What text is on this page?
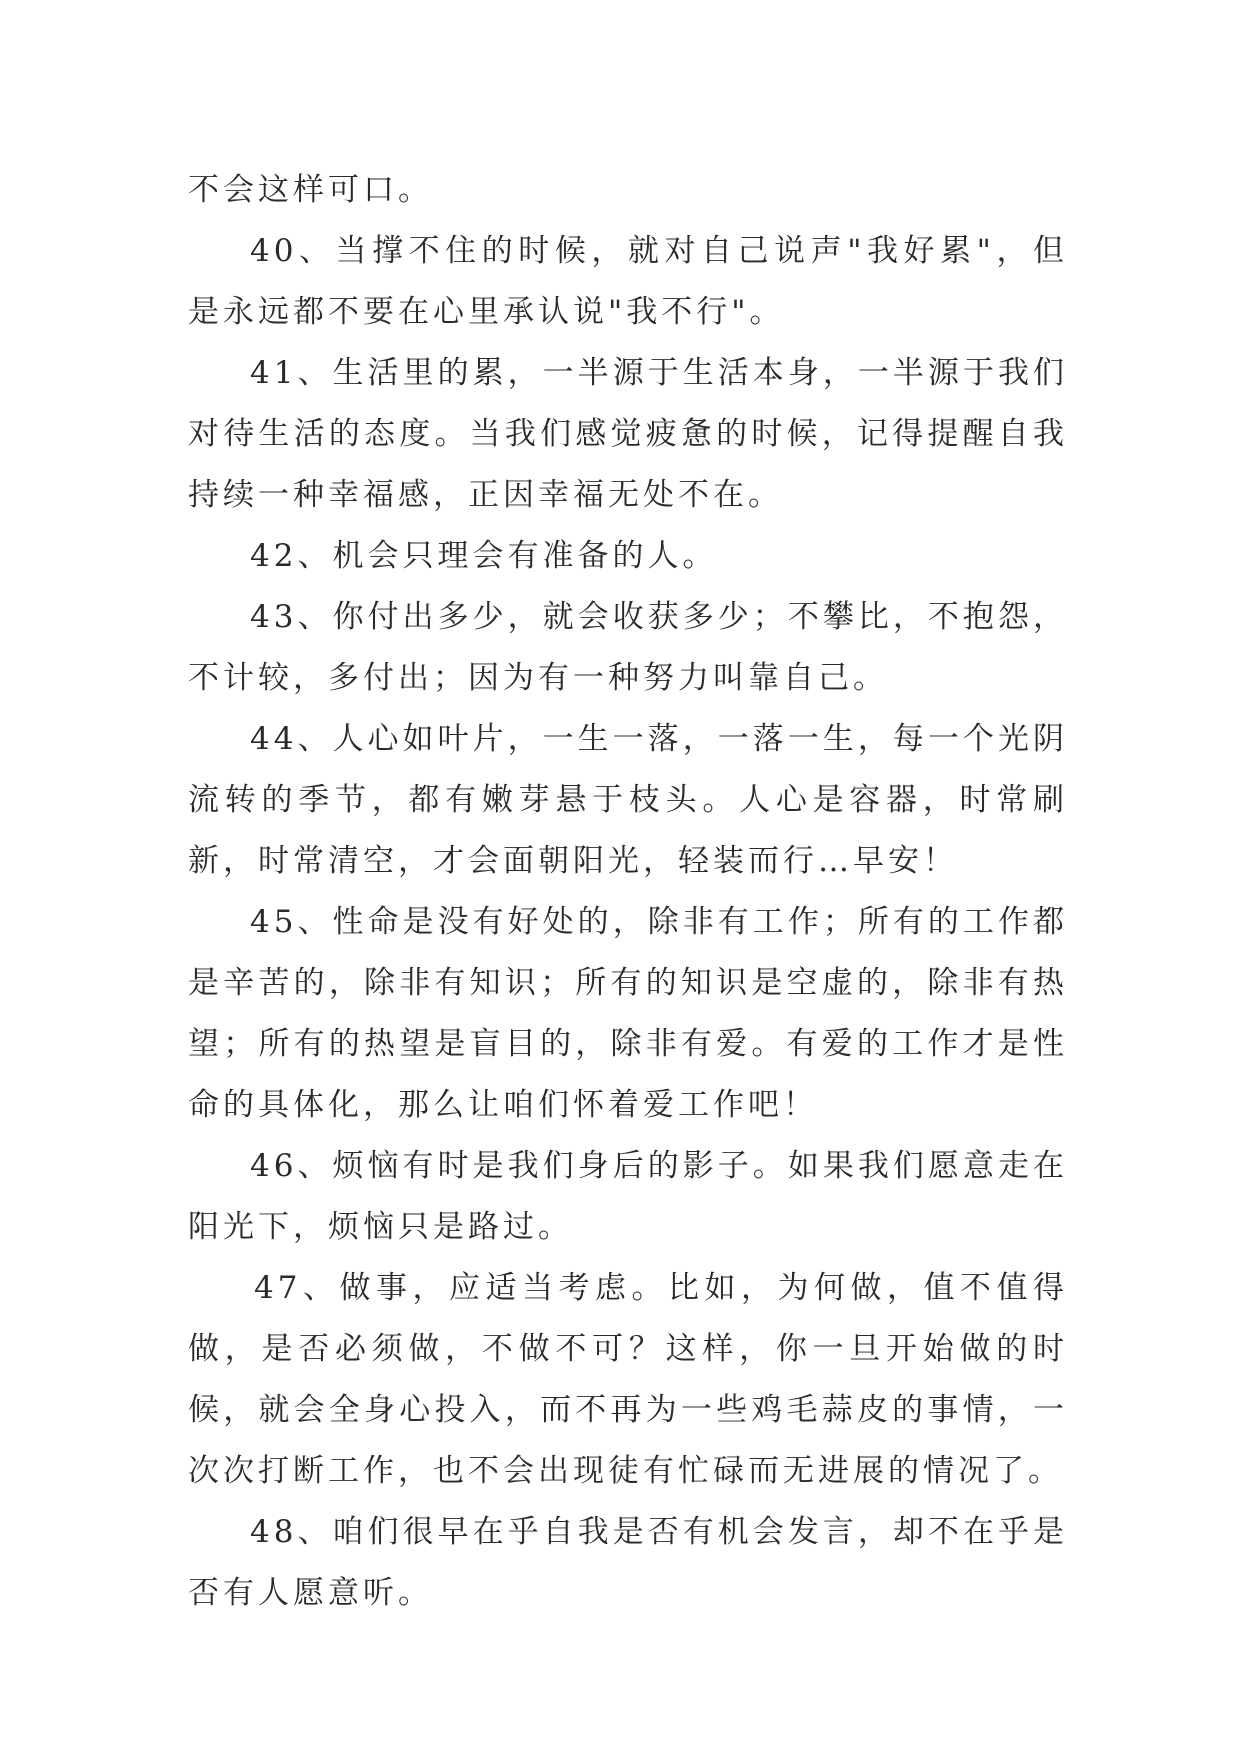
不会这样可口。

40、当撑不住的时候，就对自己说声"我好累"，但是永远都不要在心里承认说"我不行"。

41、生活里的累，一半源于生活本身，一半源于我们对待生活的态度。当我们感觉疲惫的时候，记得提醒自我持续一种幸福感，正因幸福无处不在。

42、机会只理会有准备的人。

43、你付出多少，就会收获多少；不攀比，不抱怨，不计较，多付出；因为有一种努力叫靠自己。

44、人心如叶片，一生一落，一落一生，每一个光阴流转的季节，都有嫩芽悬于枝头。人心是容器，时常刷新，时常清空，才会面朝阳光，轻装而行…早安！

45、性命是没有好处的，除非有工作；所有的工作都是辛苦的，除非有知识；所有的知识是空虚的，除非有热望；所有的热望是盲目的，除非有爱。有爱的工作才是性命的具体化，那么让咱们怀着爱工作吧！

46、烦恼有时是我们身后的影子。如果我们愿意走在阳光下，烦恼只是路过。

47、做事，应适当考虑。比如，为何做，值不值得做，是否必须做，不做不可？这样，你一旦开始做的时候，就会全身心投入，而不再为一些鸡毛蒜皮的事情，一次次打断工作，也不会出现徒有忙碌而无进展的情况了。

48、咱们很早在乎自我是否有机会发言，却不在乎是否有人愿意听。
